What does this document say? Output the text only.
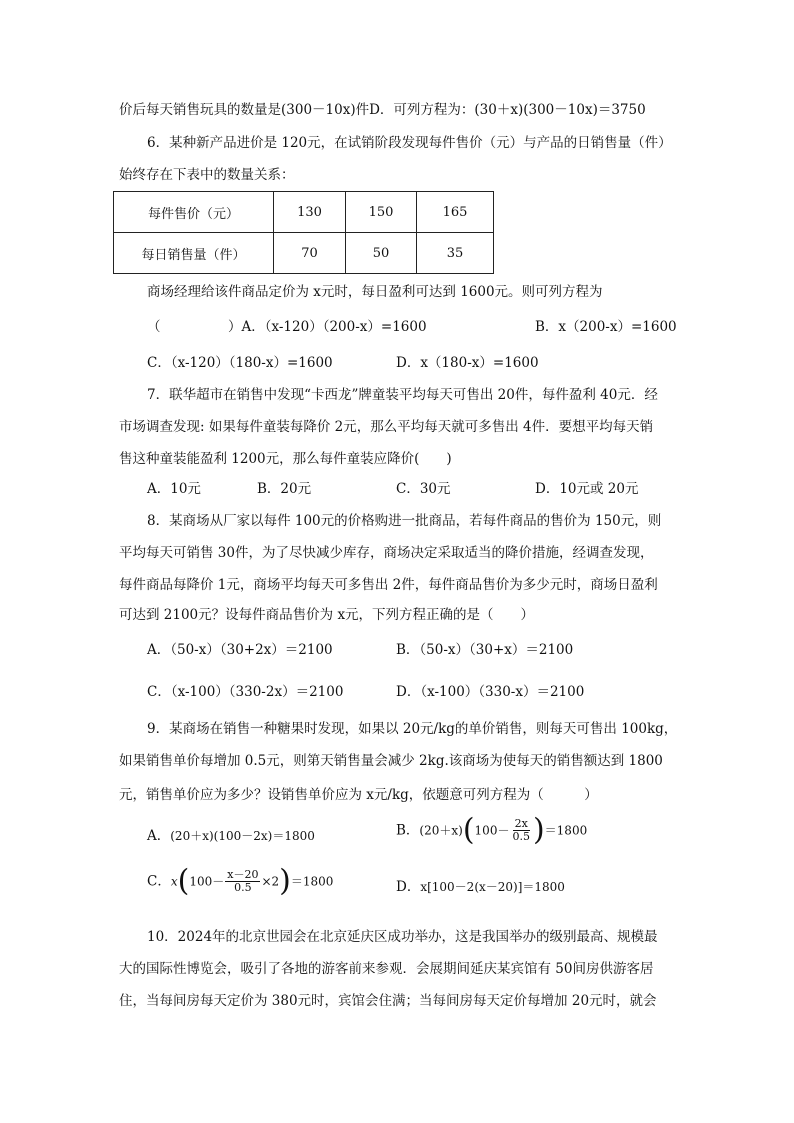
价后每天销售玩具的数量是(300－10x)件D．可列方程为：(30＋x)(300－10x)＝3750
6．某种新产品进价是 120元，在试销阶段发现每件售价（元）与产品的日销售量（件）
始终存在下表中的数量关系：
每件售价（元）	130	150	165
每日销售量（件）	70	50	35
商场经理给该件商品定价为 x元时，每日盈利可达到 1600元。则可列方程为
（　　　　　）A．（x-120）（200-x）=1600	B．x（200-x）=1600
C．（x-120）（180-x）=1600	D．x（180-x）=1600
7．联华超市在销售中发现“卡西龙”牌童装平均每天可售出 20件，每件盈利 40元．经
市场调查发现: 如果每件童装每降价 2元，那么平均每天就可多售出 4件．要想平均每天销
售这种童装能盈利 1200元，那么每件童装应降价(　　)
A．10元	B．20元	C．30元	D．10元或 20元
8．某商场从厂家以每件 100元的价格购进一批商品，若每件商品的售价为 150元，则
平均每天可销售 30件，为了尽快减少库存，商场决定采取适当的降价措施，经调查发现，
每件商品每降价 1元，商场平均每天可多售出 2件，每件商品售价为多少元时，商场日盈利
可达到 2100元？设每件商品售价为 x元，下列方程正确的是（　　）
A．（50-x）（30+2x）＝2100	B．（50-x）（30+x）＝2100
C．（x-100）（330-2x）＝2100	D．（x-100）（330-x）＝2100
9．某商场在销售一种糖果时发现，如果以 20元/kg的单价销售，则每天可售出 100kg，
如果销售单价每增加 0.5元，则第天销售量会减少 2kg.该商场为使每天的销售额达到 1800
元，销售单价应为多少？设销售单价应为 x元/kg，依题意可列方程为（　　　）
A．(20＋x)(100－2x)＝1800	B．$(20+x)(100- \frac{2x}{0.5} )=1800$
C．$x(100- \frac{x-20}{0.5} \times 2)=1800$	D．x[100－2(x－20)]＝1800
10．2024年的北京世园会在北京延庆区成功举办，这是我国举办的级别最高、规模最
大的国际性博览会，吸引了各地的游客前来参观．会展期间延庆某宾馆有 50间房供游客居
住，当每间房每天定价为 380元时，宾馆会住满；当每间房每天定价每增加 20元时，就会
